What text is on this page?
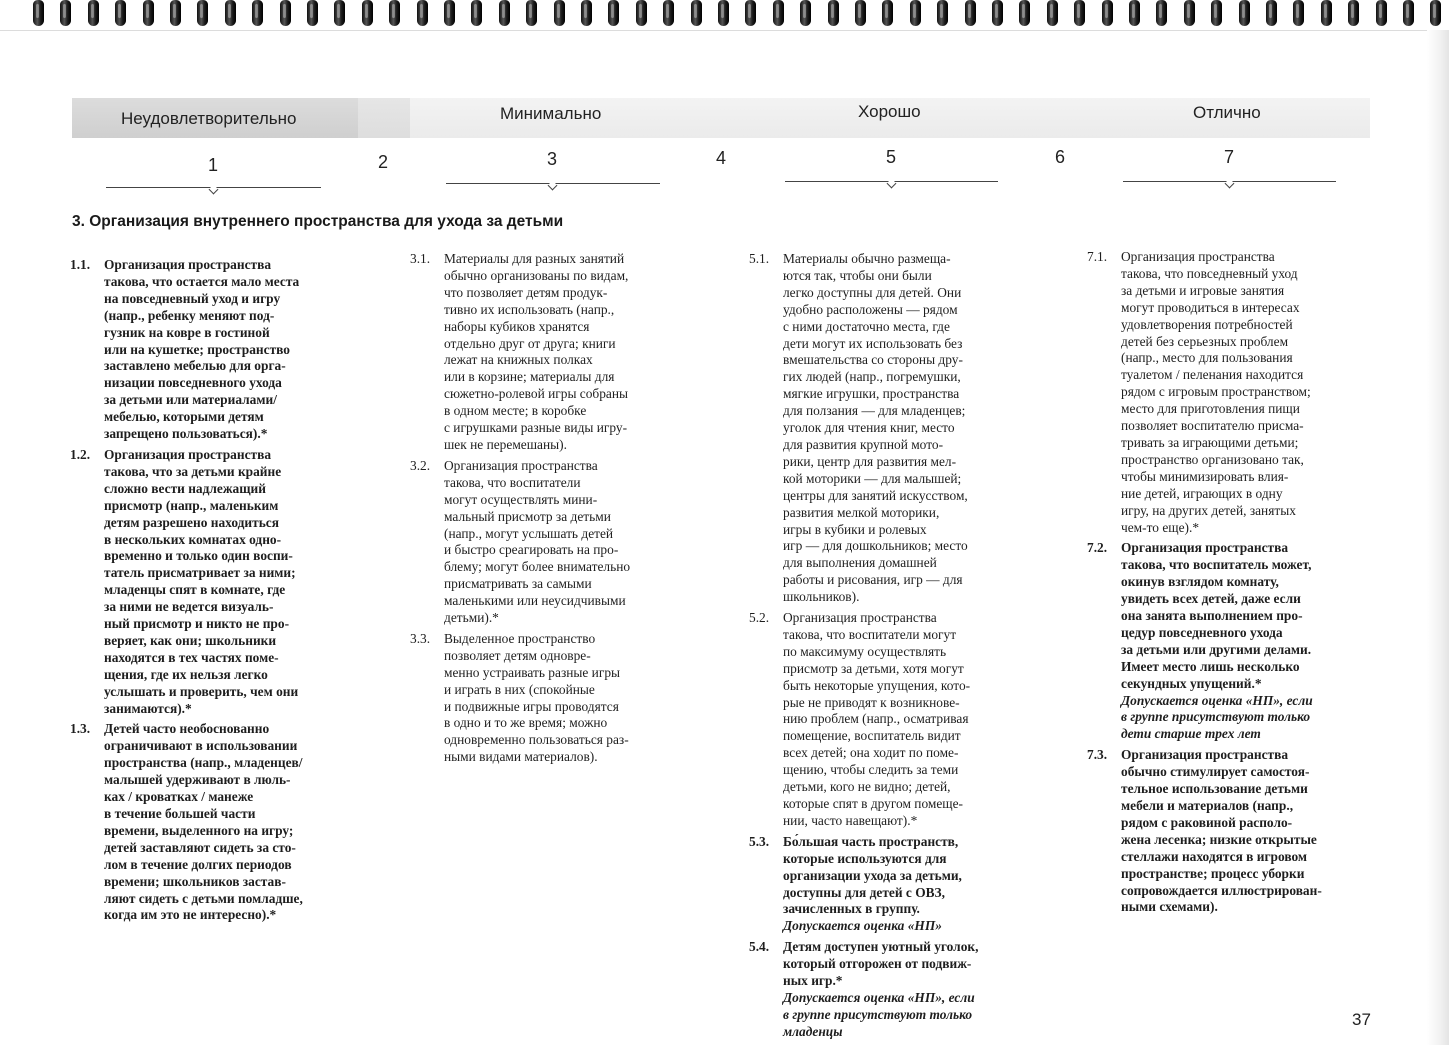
Неудовлетворительно	Минимально	Хорошо	Отлично
1	2	3	4	5	6	7
3. Организация внутреннего пространства для ухода за детьми
1.1.	Организация пространства
такова, что остается мало места
на повседневный уход и игру
(напр., ребенку меняют под-
гузник на ковре в гостиной
или на кушетке; пространство
заставлено мебелью для орга-
низации повседневного ухода
за детьми или материалами/
мебелью, которыми детям
запрещено пользоваться).*
1.2.	Организация пространства
такова, что за детьми крайне
сложно вести надлежащий
присмотр (напр., маленьким
детям разрешено находиться
в нескольких комнатах одно-
временно и только один воспи-
татель присматривает за ними;
младенцы спят в комнате, где
за ними не ведется визуаль-
ный присмотр и никто не про-
веряет, как они; школьники
находятся в тех частях поме-
щения, где их нельзя легко
услышать и проверить, чем они
занимаются).*
1.3.	Детей часто необоснованно
ограничивают в использовании
пространства (напр., младенцев/
малышей удерживают в люль-
ках / кроватках / манеже
в течение большей части
времени, выделенного на игру;
детей заставляют сидеть за сто-
лом в течение долгих периодов
времени; школьников застав-
ляют сидеть с детьми помладше,
когда им это не интересно).*
3.1.	Материалы для разных занятий
обычно организованы по видам,
что позволяет детям продук-
тивно их использовать (напр.,
наборы кубиков хранятся
отдельно друг от друга; книги
лежат на книжных полках
или в корзине; материалы для
сюжетно-ролевой игры собраны
в одном месте; в коробке
с игрушками разные виды игру-
шек не перемешаны).
3.2.	Организация пространства
такова, что воспитатели
могут осуществлять мини-
мальный присмотр за детьми
(напр., могут услышать детей
и быстро среагировать на про-
блему; могут более внимательно
присматривать за самыми
маленькими или неусидчивыми
детьми).*
3.3.	Выделенное пространство
позволяет детям одновре-
менно устраивать разные игры
и играть в них (спокойные
и подвижные игры проводятся
в одно и то же время; можно
одновременно пользоваться раз-
ными видами материалов).
5.1.	Материалы обычно размеща-
ются так, чтобы они были
легко доступны для детей. Они
удобно расположены — рядом
с ними достаточно места, где
дети могут их использовать без
вмешательства со стороны дру-
гих людей (напр., погремушки,
мягкие игрушки, пространства
для ползания — для младенцев;
уголок для чтения книг, место
для развития крупной мото-
рики, центр для развития мел-
кой моторики — для малышей;
центры для занятий искусством,
развития мелкой моторики,
игры в кубики и ролевых
игр — для дошкольников; место
для выполнения домашней
работы и рисования, игр — для
школьников).
5.2.	Организация пространства
такова, что воспитатели могут
по максимуму осуществлять
присмотр за детьми, хотя могут
быть некоторые упущения, кото-
рые не приводят к возникнове-
нию проблем (напр., осматривая
помещение, воспитатель видит
всех детей; она ходит по поме-
щению, чтобы следить за теми
детьми, кого не видно; детей,
которые спят в другом помеще-
нии, часто навещают).*
5.3.	Бо́льшая часть пространств,
которые используются для
организации ухода за детьми,
доступны для детей с ОВЗ,
зачисленных в группу.
Допускается оценка «НП»
5.4.	Детям доступен уютный уголок,
который отгорожен от подвиж-
ных игр.*
Допускается оценка «НП», если
в группе присутствуют только
младенцы
7.1.	Организация пространства
такова, что повседневный уход
за детьми и игровые занятия
могут проводиться в интересах
удовлетворения потребностей
детей без серьезных проблем
(напр., место для пользования
туалетом / пеленания находится
рядом с игровым пространством;
место для приготовления пищи
позволяет воспитателю присма-
тривать за играющими детьми;
пространство организовано так,
чтобы минимизировать влия-
ние детей, играющих в одну
игру, на других детей, занятых
чем-то еще).*
7.2.	Организация пространства
такова, что воспитатель может,
окинув взглядом комнату,
увидеть всех детей, даже если
она занята выполнением про-
цедур повседневного ухода
за детьми или другими делами.
Имеет место лишь несколько
секундных упущений.*
Допускается оценка «НП», если
в группе присутствуют только
дети старше трех лет
7.3.	Организация пространства
обычно стимулирует самостоя-
тельное использование детьми
мебели и материалов (напр.,
рядом с раковиной располо-
жена лесенка; низкие открытые
стеллажи находятся в игровом
пространстве; процесс уборки
сопровождается иллюстрирован-
ными схемами).
37
